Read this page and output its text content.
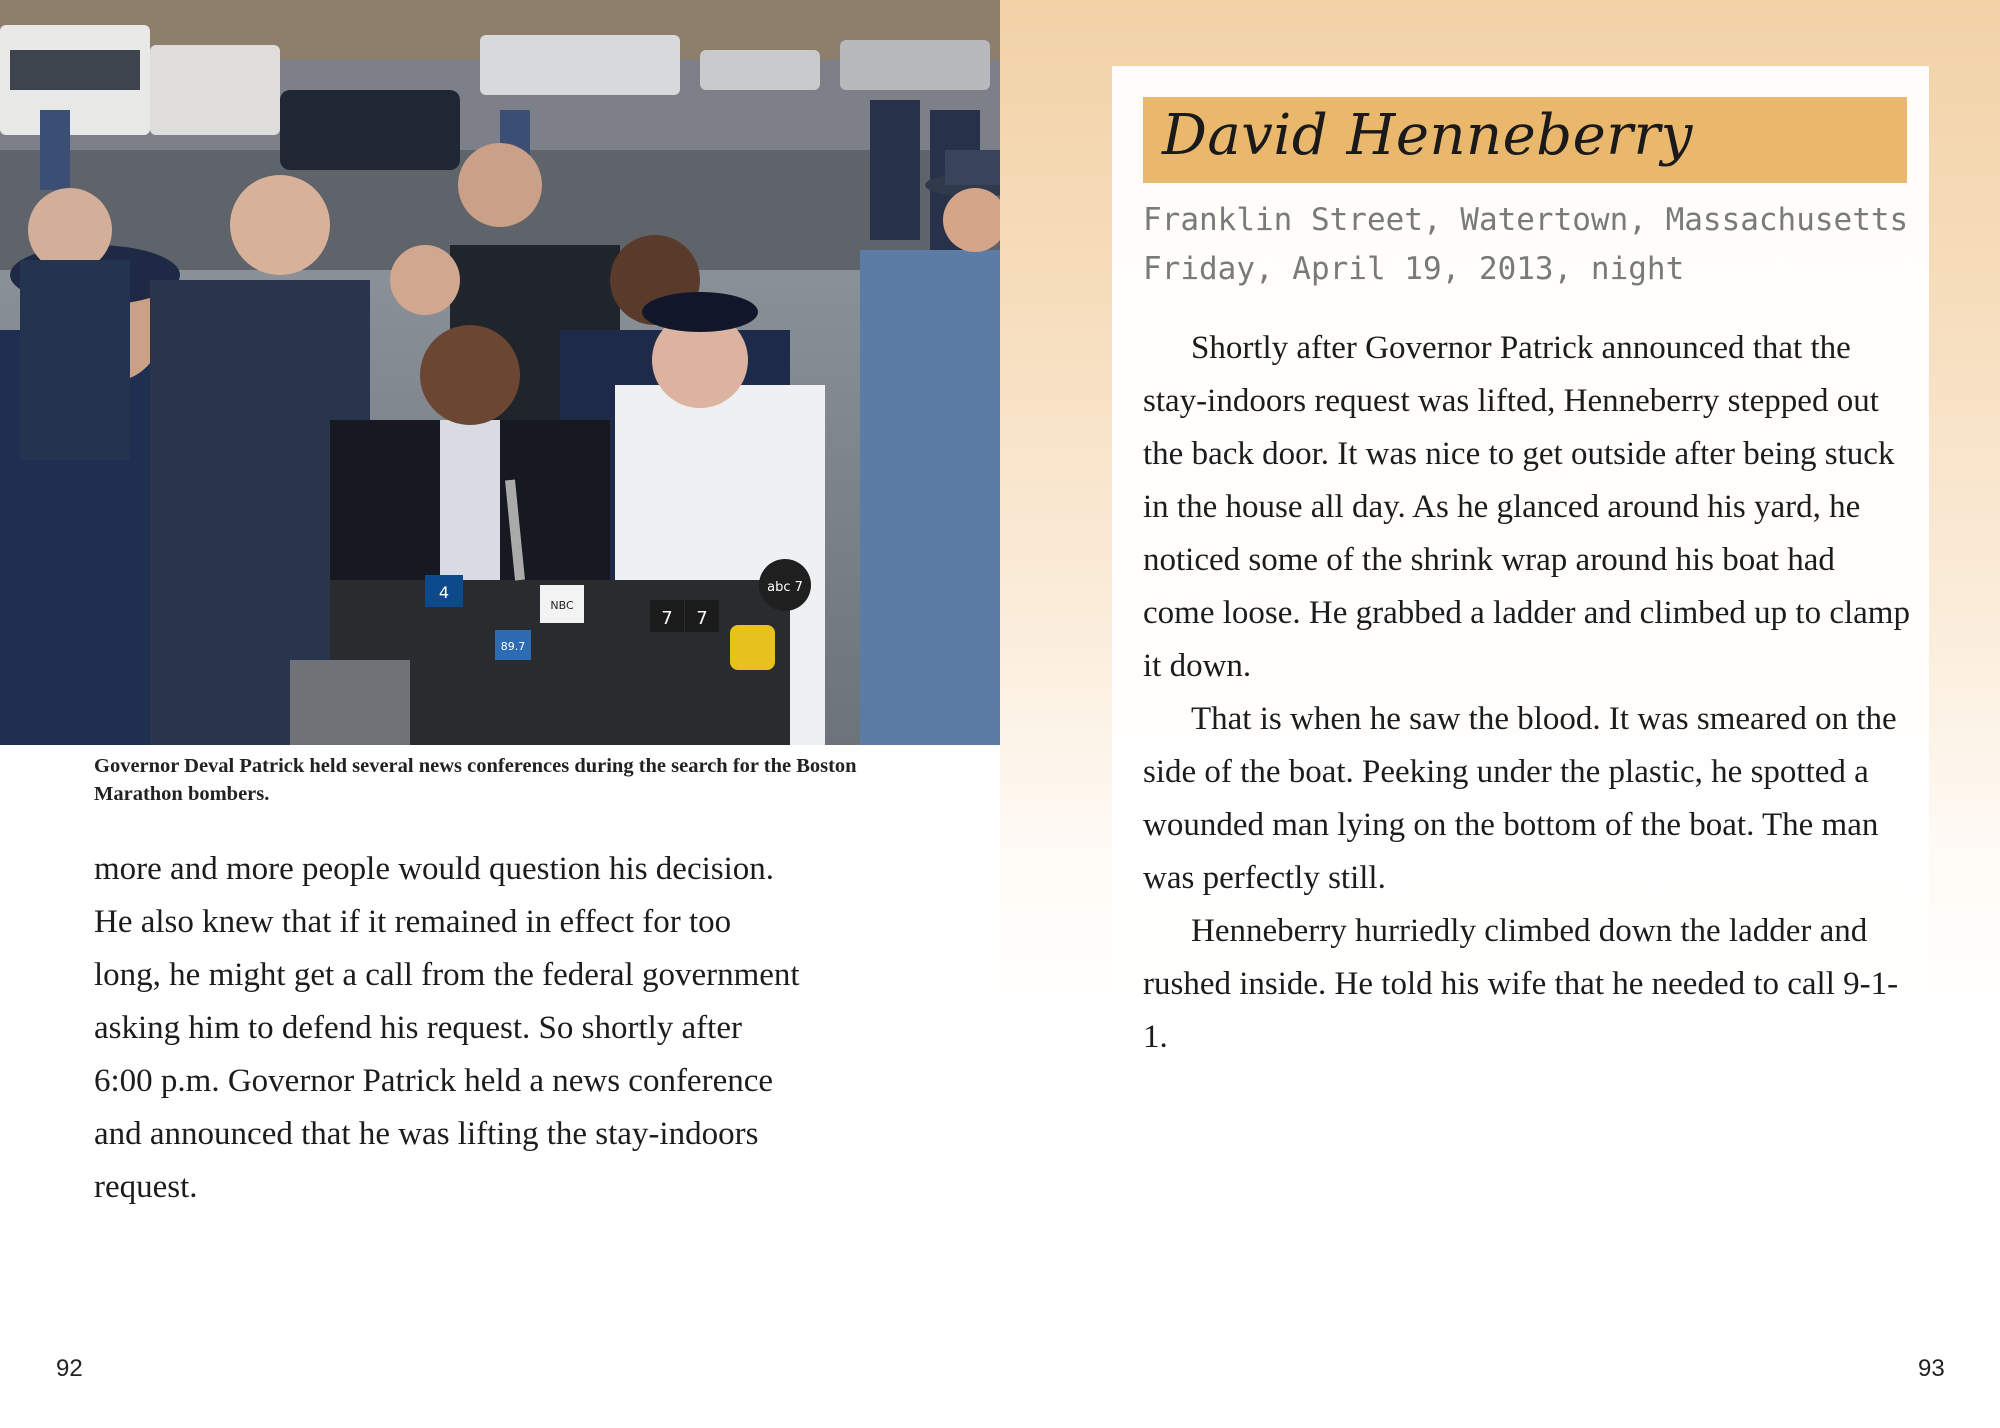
4
NBC
7 7
abc 7
89.7
Governor Deval Patrick held several news conferences during the search for the Boston Marathon bombers.
more and more people would question his decision.
He also knew that if it remained in effect for too
long, he might get a call from the federal government
asking him to defend his request. So shortly after
6:00 p.m. Governor Patrick held a news conference
and announced that he was lifting the stay-indoors
request.
92
David Henneberry
Franklin Street, Watertown, Massachusetts
Friday, April 19, 2013, night

Shortly after Governor Patrick announced that the stay-indoors request was lifted, Henneberry stepped out the back door. It was nice to get outside after being stuck in the house all day. As he glanced around his yard, he noticed some of the shrink wrap around his boat had come loose. He grabbed a ladder and climbed up to clamp it down.

That is when he saw the blood. It was smeared on the side of the boat. Peeking under the plastic, he spotted a wounded man lying on the bottom of the boat. The man was perfectly still.

Henneberry hurriedly climbed down the ladder and rushed inside. He told his wife that he needed to call 9-1-1.

93
